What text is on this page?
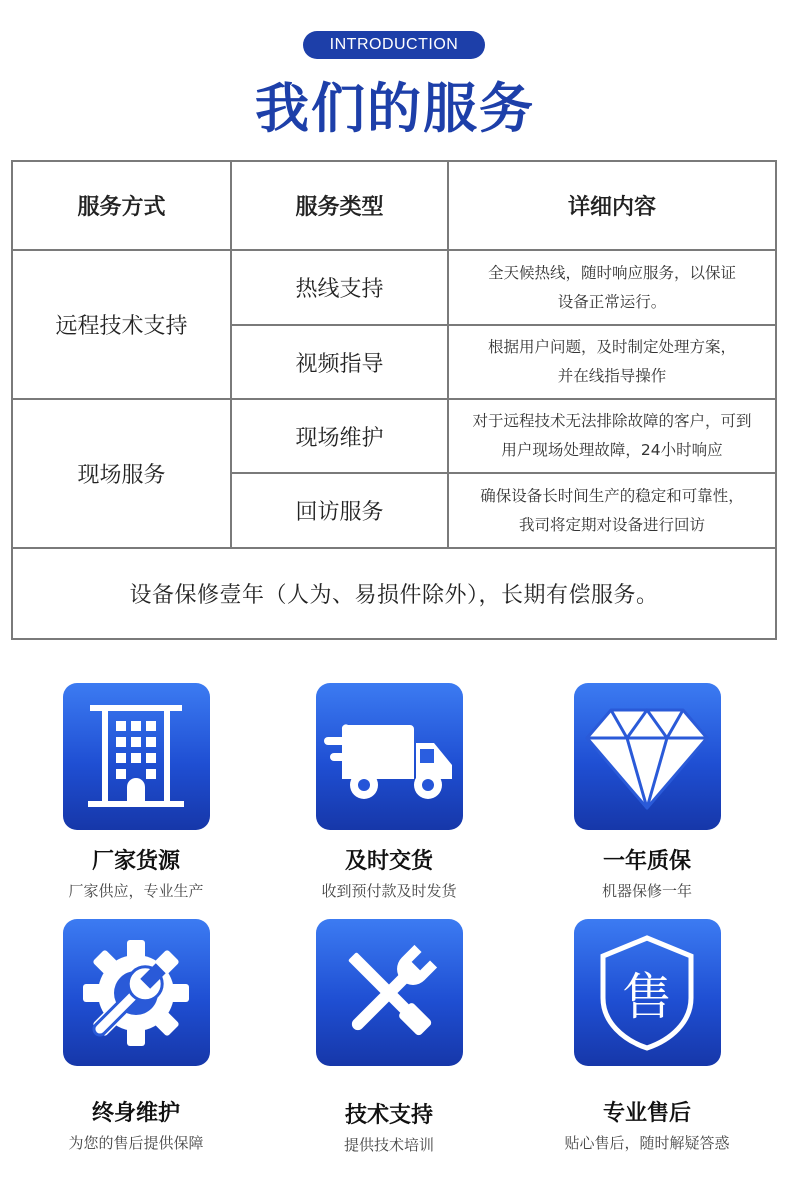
INTRODUCTION
我们的服务
服务方式	服务类型	详细内容
远程技术支持
热线支持
全天候热线，随时响应服务，以保证
设备正常运行。
视频指导
根据用户问题，及时制定处理方案，
并在线指导操作
现场服务
现场维护
对于远程技术无法排除故障的客户，可到
用户现场处理故障，24小时响应
回访服务
确保设备长时间生产的稳定和可靠性，
我司将定期对设备进行回访
设备保修壹年（人为、易损件除外），长期有偿服务。
厂家货源
厂家供应，专业生产
及时交货
收到预付款及时发货
一年质保
机器保修一年
终身维护
为您的售后提供保障
技术支持
提供技术培训
售
专业售后
贴心售后，随时解疑答惑
